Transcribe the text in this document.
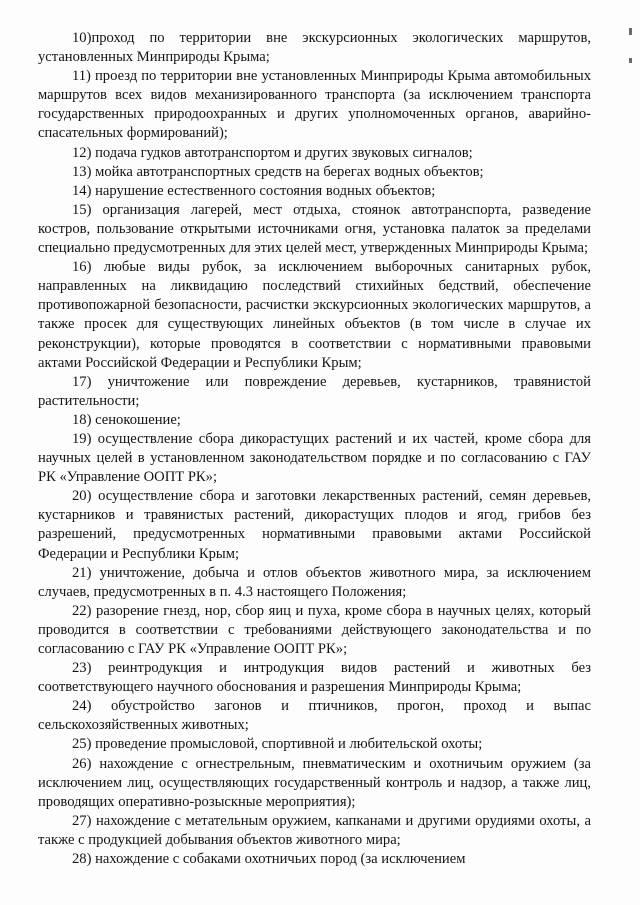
10)проход по территории вне экскурсионных экологических маршрутов, установленных Минприроды Крыма;

11) проезд по территории вне установленных Минприроды Крыма автомобильных маршрутов всех видов механизированного транспорта (за исключением транспорта государственных природоохранных и других уполномоченных органов, аварийно-спасательных формирований);

12) подача гудков автотранспортом и других звуковых сигналов;

13) мойка автотранспортных средств на берегах водных объектов;

14) нарушение естественного состояния водных объектов;

15) организация лагерей, мест отдыха, стоянок автотранспорта, разведение костров, пользование открытыми источниками огня, установка палаток за пределами специально предусмотренных для этих целей мест, утвержденных Минприроды Крыма;

16) любые виды рубок, за исключением выборочных санитарных рубок, направленных на ликвидацию последствий стихийных бедствий, обеспечение противопожарной безопасности, расчистки экскурсионных экологических маршрутов, а также просек для существующих линейных объектов (в том числе в случае их реконструкции), которые проводятся в соответствии с нормативными правовыми актами Российской Федерации и Республики Крым;

17) уничтожение или повреждение деревьев, кустарников, травянистой растительности;

18) сенокошение;

19) осуществление сбора дикорастущих растений и их частей, кроме сбора для научных целей в установленном законодательством порядке и по согласованию с ГАУ РК «Управление ООПТ РК»;

20) осуществление сбора и заготовки лекарственных растений, семян деревьев, кустарников и травянистых растений, дикорастущих плодов и ягод, грибов без разрешений, предусмотренных нормативными правовыми актами Российской Федерации и Республики Крым;

21) уничтожение, добыча и отлов объектов животного мира, за исключением случаев, предусмотренных в п. 4.3 настоящего Положения;

22) разорение гнезд, нор, сбор яиц и пуха, кроме сбора в научных целях, который проводится в соответствии с требованиями действующего законодательства и по согласованию с ГАУ РК «Управление ООПТ РК»;

23) реинтродукция и интродукция видов растений и животных без соответствующего научного обоснования и разрешения Минприроды Крыма;

24) обустройство загонов и птичников, прогон, проход и выпас сельскохозяйственных животных;

25) проведение промысловой, спортивной и любительской охоты;

26) нахождение с огнестрельным, пневматическим и охотничьим оружием (за исключением лиц, осуществляющих государственный контроль и надзор, а также лиц, проводящих оперативно-розыскные мероприятия);

27) нахождение с метательным оружием, капканами и другими орудиями охоты, а также с продукцией добывания объектов животного мира;

28) нахождение с собаками охотничьих пород (за исключением
